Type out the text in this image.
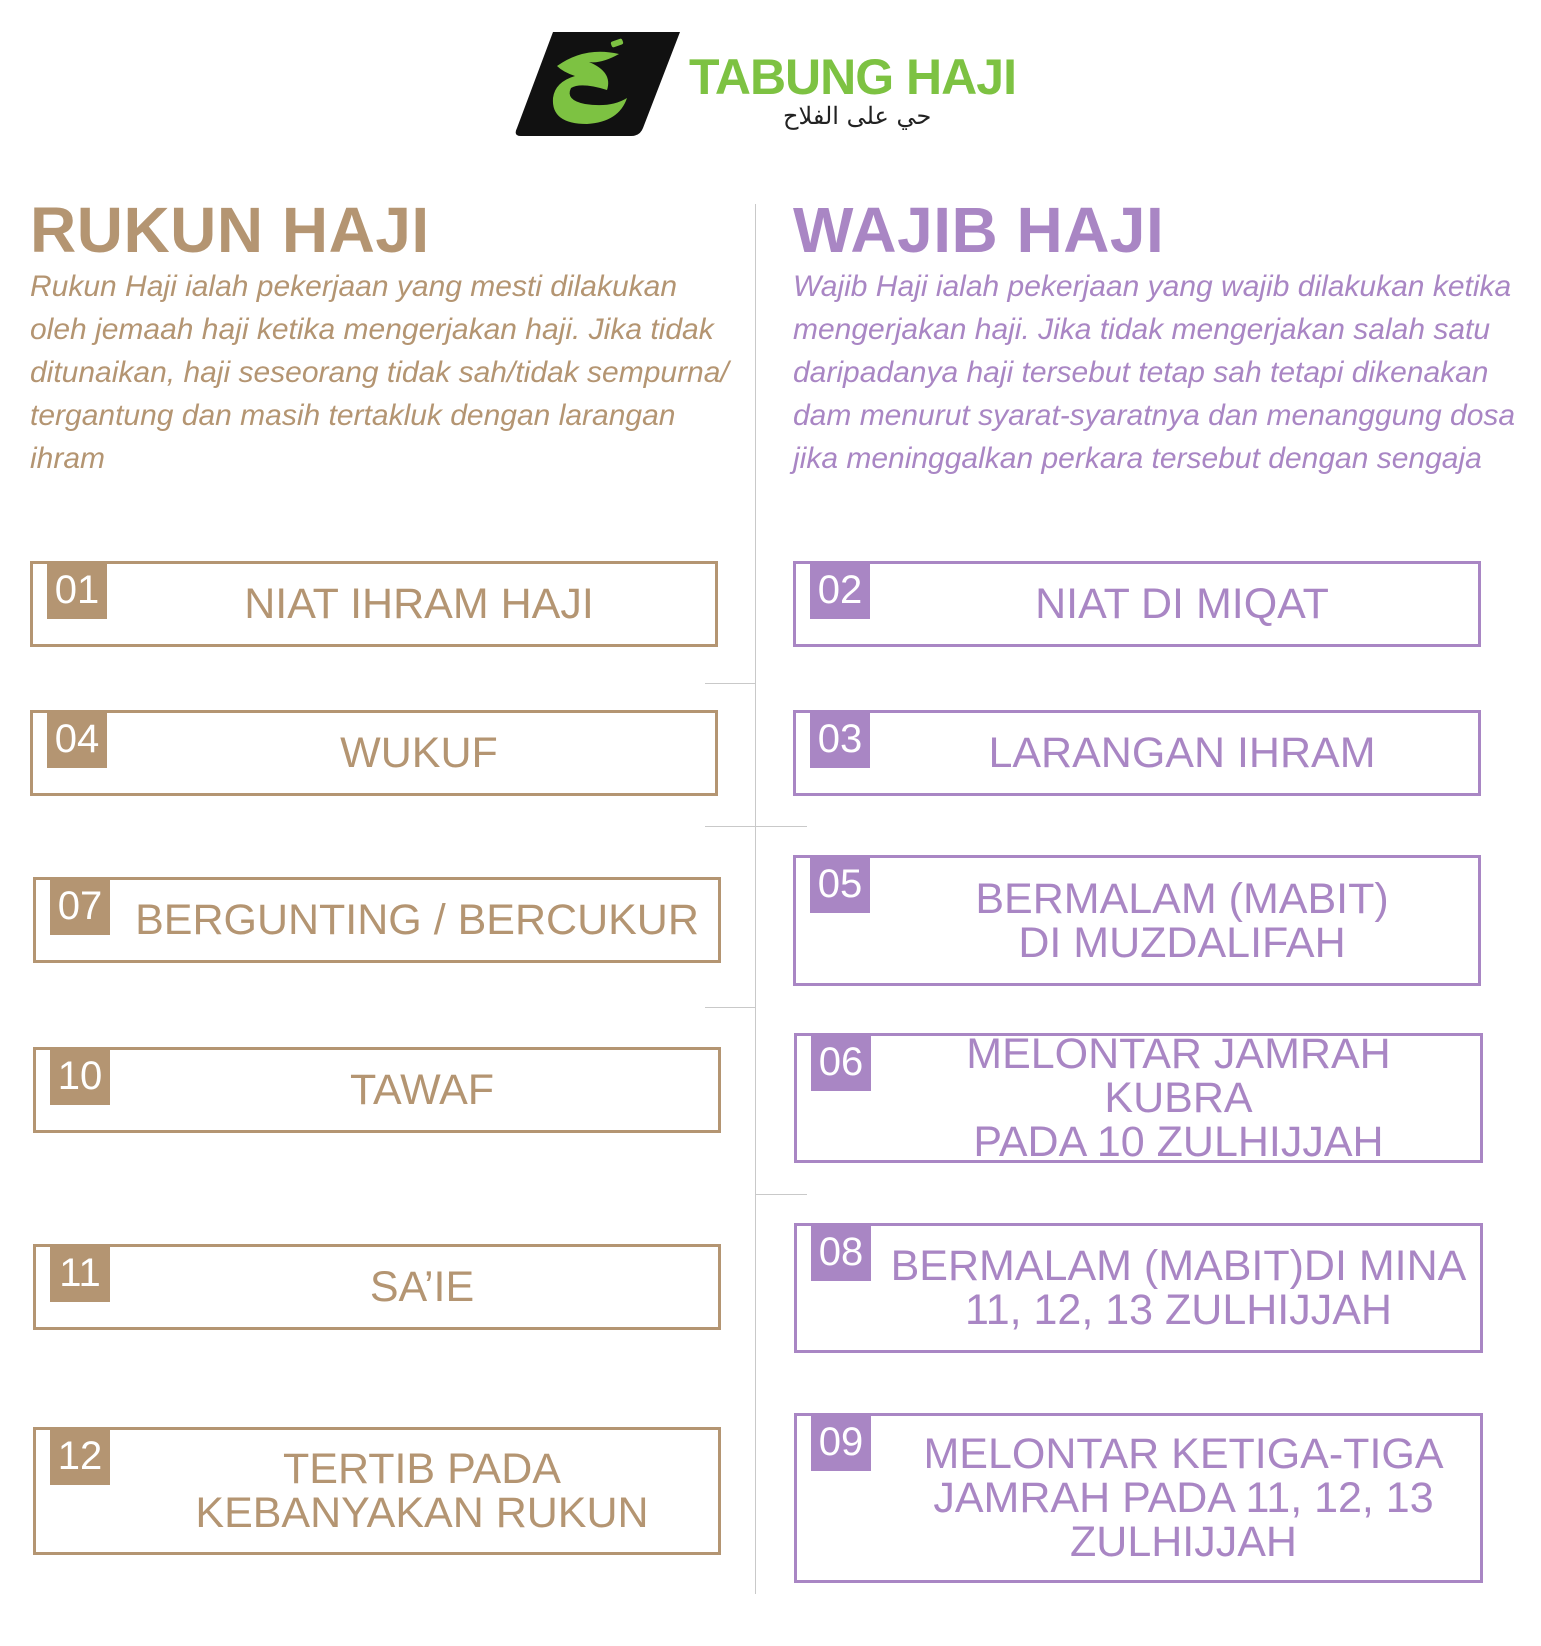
TABUNG HAJI
حي على الفلاح
RUKUN HAJI	WAJIB HAJI

Rukun Haji ialah pekerjaan yang mesti dilakukan oleh jemaah haji ketika mengerjakan haji. Jika tidak ditunaikan, haji seseorang tidak sah/tidak sempurna/ tergantung dan masih tertakluk dengan larangan ihram

Wajib Haji ialah pekerjaan yang wajib dilakukan ketika mengerjakan haji. Jika tidak mengerjakan salah satu daripadanya haji tersebut tetap sah tetapi dikenakan dam menurut syarat-syaratnya dan menanggung dosa jika meninggalkan perkara tersebut dengan sengaja

01	NIAT IHRAM HAJI
04	WUKUF
07 BERGUNTING / BERCUKUR
10	TAWAF
11	SA’IE
12	TERTIB PADA
KEBANYAKAN RUKUN
02	NIAT DI MIQAT
03	LARANGAN IHRAM
05	BERMALAM (MABIT)
DI MUZDALIFAH
06	MELONTAR JAMRAH KUBRA
PADA 10 ZULHIJJAH
08 BERMALAM (MABIT)DI MINA
11, 12, 13 ZULHIJJAH
09	MELONTAR KETIGA-TIGA
JAMRAH PADA 11, 12, 13
ZULHIJJAH
